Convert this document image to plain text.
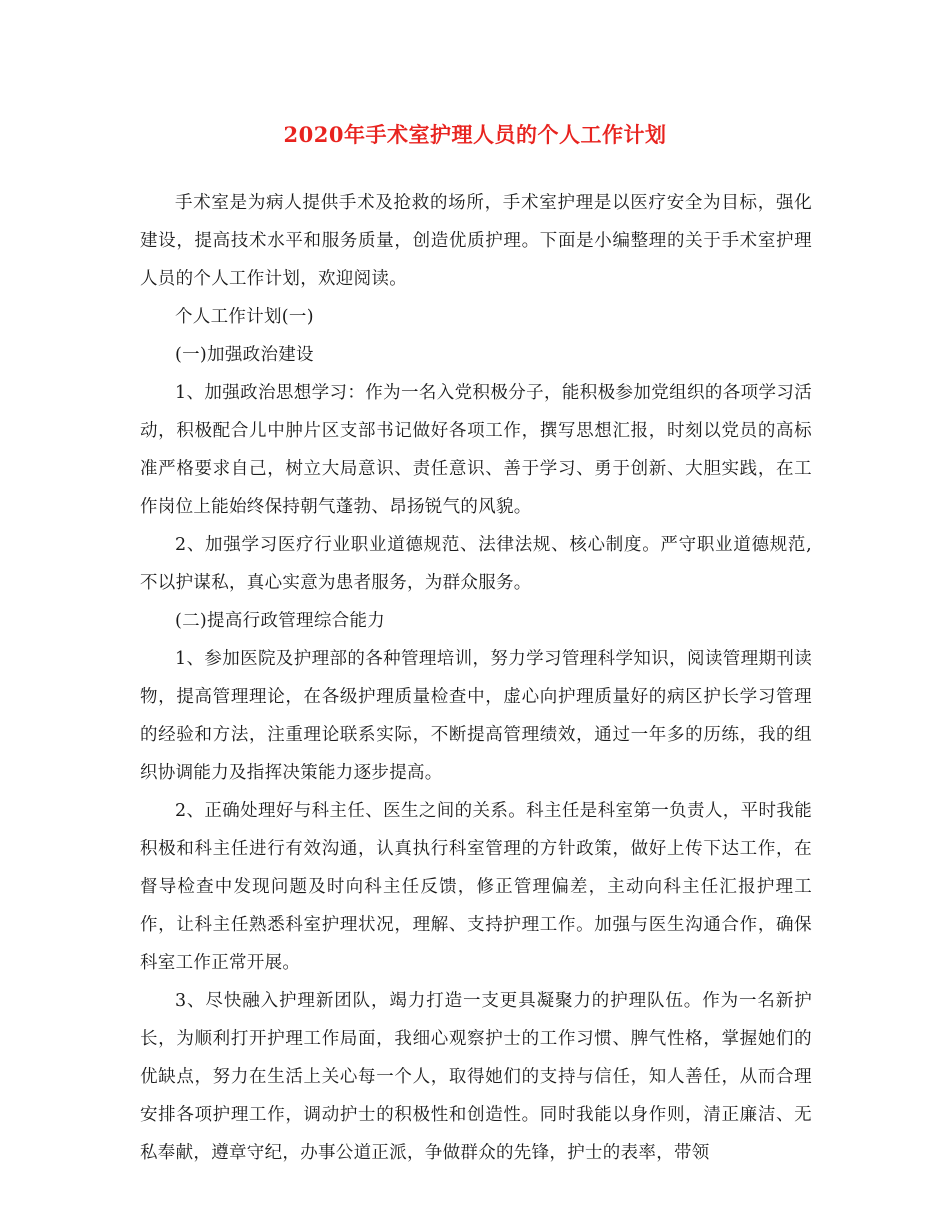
2020年手术室护理人员的个人工作计划

手术室是为病人提供手术及抢救的场所，手术室护理是以医疗安全为目标，强化建设，提高技术水平和服务质量，创造优质护理。下面是小编整理的关于手术室护理人员的个人工作计划，欢迎阅读。

个人工作计划(一)

(一)加强政治建设

1、加强政治思想学习：作为一名入党积极分子，能积极参加党组织的各项学习活动，积极配合儿中肿片区支部书记做好各项工作，撰写思想汇报，时刻以党员的高标准严格要求自己，树立大局意识、责任意识、善于学习、勇于创新、大胆实践，在工作岗位上能始终保持朝气蓬勃、昂扬锐气的风貌。

2、加强学习医疗行业职业道德规范、法律法规、核心制度。严守职业道德规范,不以护谋私，真心实意为患者服务，为群众服务。

(二)提高行政管理综合能力

1、参加医院及护理部的各种管理培训，努力学习管理科学知识，阅读管理期刊读物，提高管理理论，在各级护理质量检查中，虚心向护理质量好的病区护长学习管理的经验和方法，注重理论联系实际，不断提高管理绩效，通过一年多的历练，我的组织协调能力及指挥决策能力逐步提高。

2、正确处理好与科主任、医生之间的关系。科主任是科室第一负责人，平时我能积极和科主任进行有效沟通，认真执行科室管理的方针政策，做好上传下达工作，在督导检查中发现问题及时向科主任反馈，修正管理偏差，主动向科主任汇报护理工作，让科主任熟悉科室护理状况，理解、支持护理工作。加强与医生沟通合作，确保科室工作正常开展。

3、尽快融入护理新团队，竭力打造一支更具凝聚力的护理队伍。作为一名新护长，为顺利打开护理工作局面，我细心观察护士的工作习惯、脾气性格，掌握她们的优缺点，努力在生活上关心每一个人，取得她们的支持与信任，知人善任，从而合理安排各项护理工作，调动护士的积极性和创造性。同时我能以身作则，清正廉洁、无私奉献，遵章守纪，办事公道正派，争做群众的先锋，护士的表率，带领
